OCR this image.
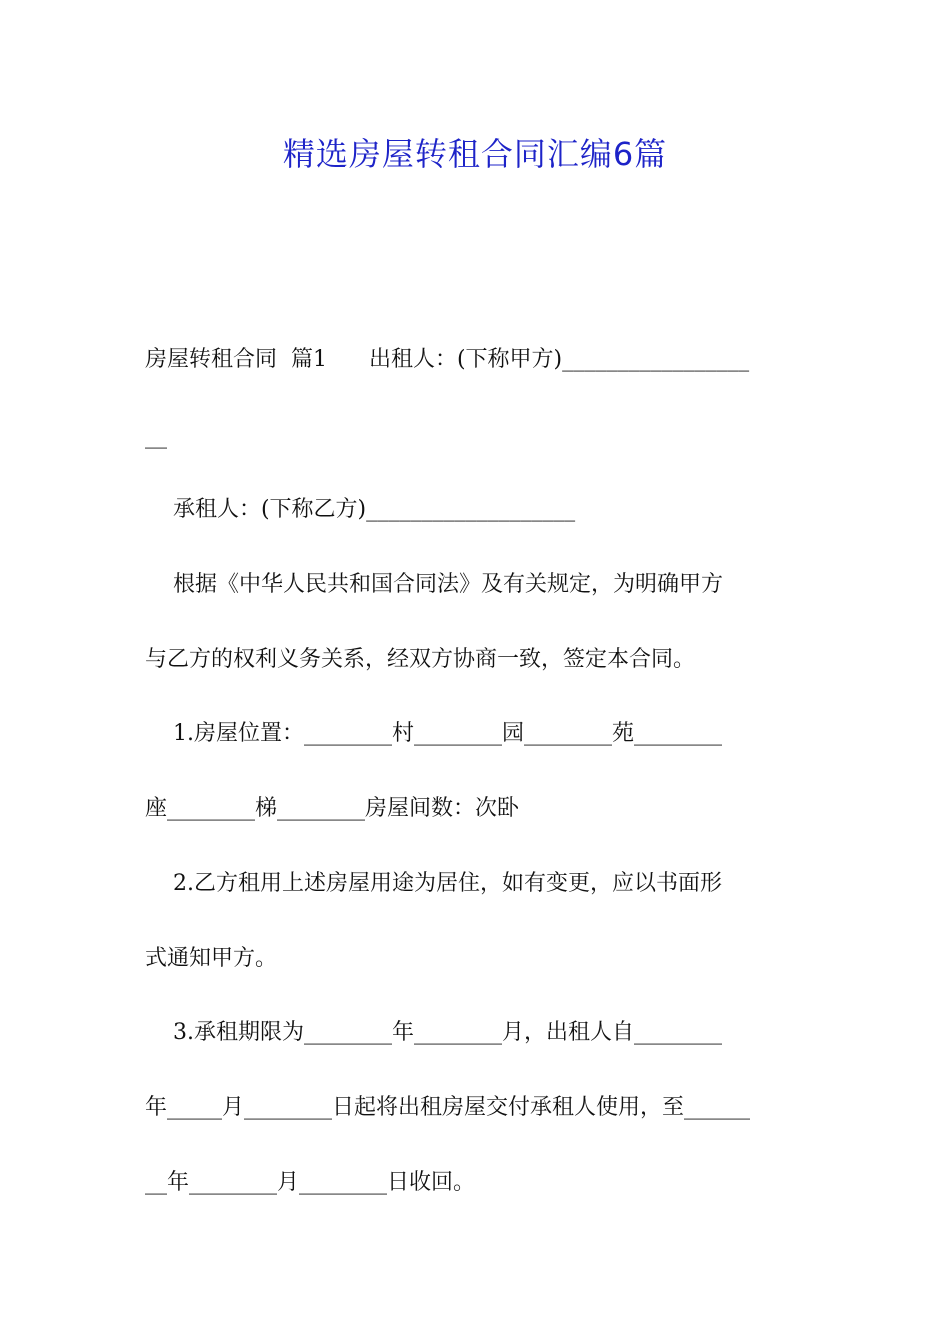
精选房屋转租合同汇编6篇
房屋转租合同  篇1      出租人：(下称甲方)_________________
__
承租人：(下称乙方)___________________
根据《中华人民共和国合同法》及有关规定，为明确甲方
与乙方的权利义务关系，经双方协商一致，签定本合同。
1.房屋位置：________村________园________苑________
座________梯________房屋间数：次卧
2.乙方租用上述房屋用途为居住，如有变更，应以书面形
式通知甲方。
3.承租期限为________年________月，出租人自________
年_____月________日起将出租房屋交付承租人使用，至______
__年________月________日收回。
